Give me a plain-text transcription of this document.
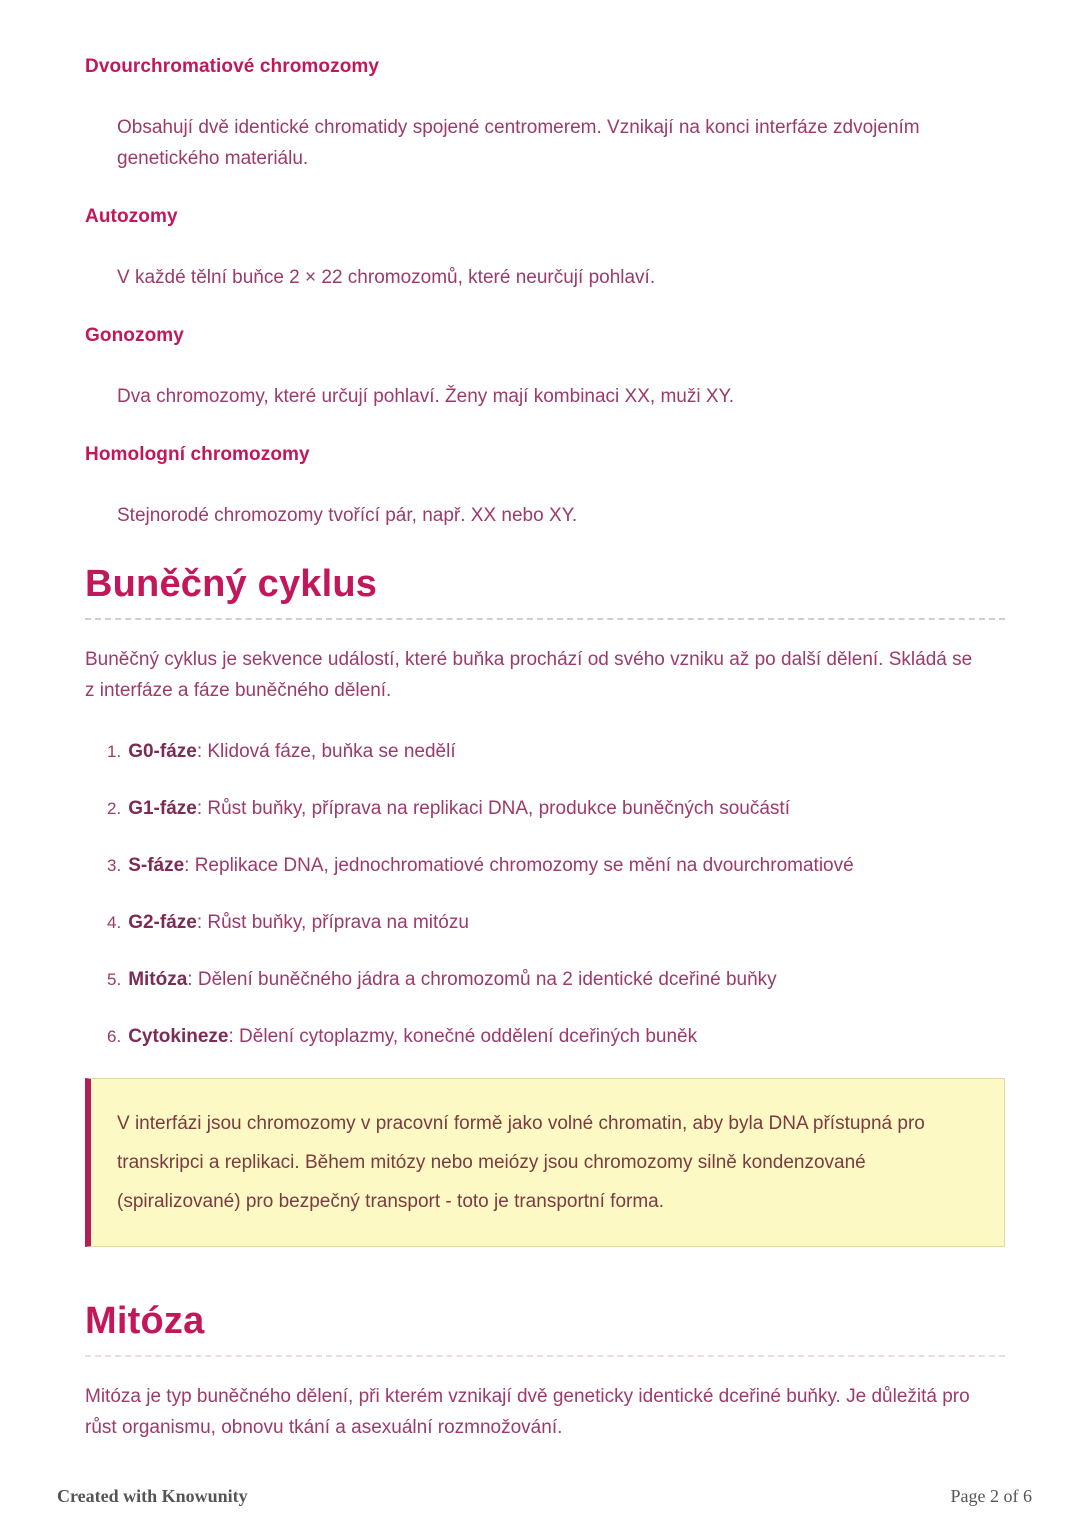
Dvourchromatiové chromozomy

Obsahují dvě identické chromatidy spojené centromerem. Vznikají na konci interfáze zdvojením genetického materiálu.

Autozomy

V každé tělní buňce 2 × 22 chromozomů, které neurčují pohlaví.

Gonozomy

Dva chromozomy, které určují pohlaví. Ženy mají kombinaci XX, muži XY.

Homologní chromozomy

Stejnorodé chromozomy tvořící pár, např. XX nebo XY.

Buněčný cyklus

Buněčný cyklus je sekvence událostí, které buňka prochází od svého vzniku až po další dělení. Skládá se z interfáze a fáze buněčného dělení.

1. G0-fáze: Klidová fáze, buňka se nedělí
2. G1-fáze: Růst buňky, příprava na replikaci DNA, produkce buněčných součástí
3. S-fáze: Replikace DNA, jednochromatiové chromozomy se mění na dvourchromatiové
4. G2-fáze: Růst buňky, příprava na mitózu
5. Mitóza: Dělení buněčného jádra a chromozomů na 2 identické dceřiné buňky
6. Cytokineze: Dělení cytoplazmy, konečné oddělení dceřiných buněk

V interfázi jsou chromozomy v pracovní formě jako volné chromatin, aby byla DNA přístupná pro transkripci a replikaci. Během mitózy nebo meiózy jsou chromozomy silně kondenzované (spiralizované) pro bezpečný transport - toto je transportní forma.

Mitóza

Mitóza je typ buněčného dělení, při kterém vznikají dvě geneticky identické dceřiné buňky. Je důležitá pro růst organismu, obnovu tkání a asexuální rozmnožování.

Created with Knowunity	Page 2 of 6
